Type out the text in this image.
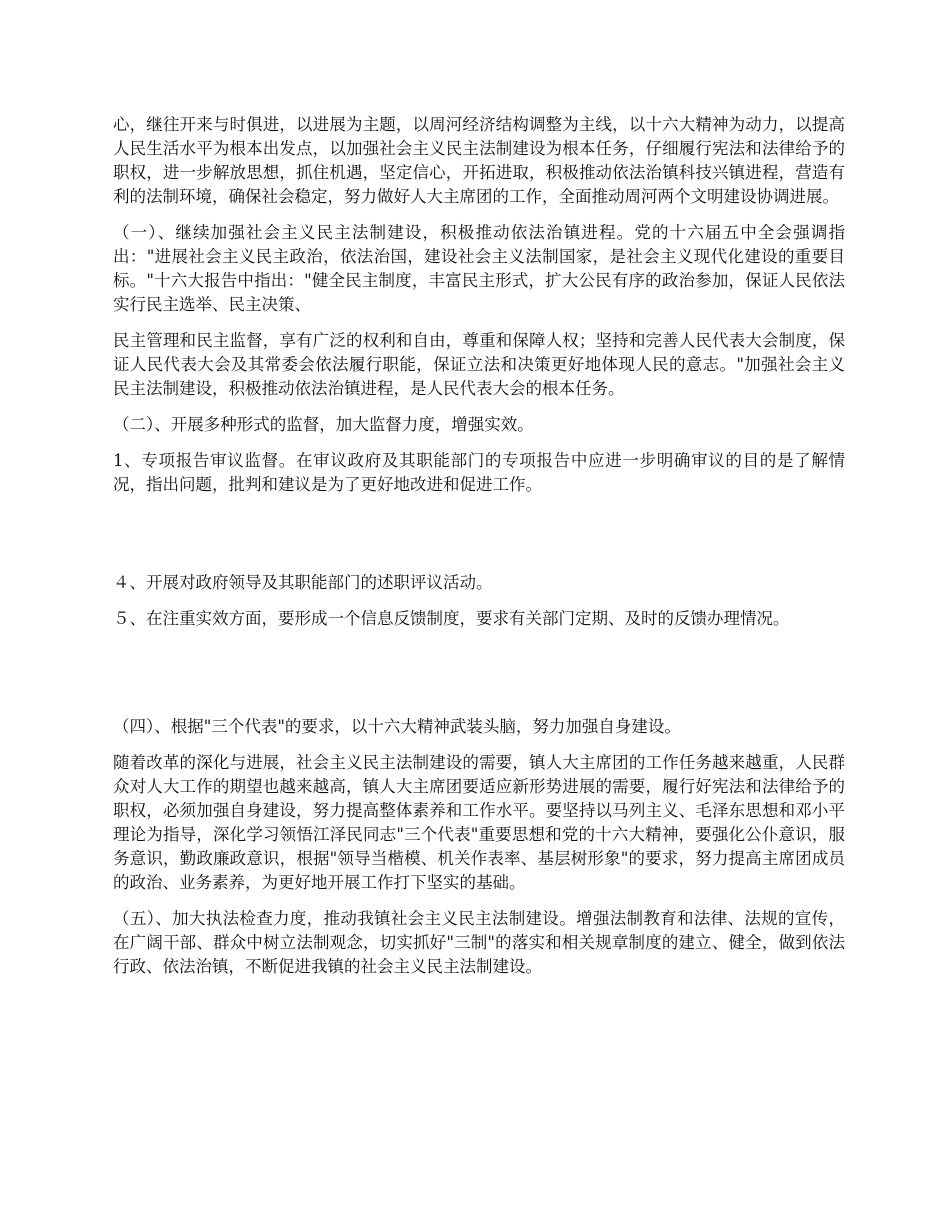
心，继往开来与时俱进，以进展为主题，以周河经济结构调整为主线，以十六大精神为动力，以提高人民生活水平为根本出发点，以加强社会主义民主法制建设为根本任务，仔细履行宪法和法律给予的职权，进一步解放思想，抓住机遇，坚定信心，开拓进取，积极推动依法治镇科技兴镇进程，营造有利的法制环境，确保社会稳定，努力做好人大主席团的工作，全面推动周河两个文明建设协调进展。

（一）、继续加强社会主义民主法制建设，积极推动依法治镇进程。党的十六届五中全会强调指出："进展社会主义民主政治，依法治国，建设社会主义法制国家，是社会主义现代化建设的重要目标。"十六大报告中指出："健全民主制度，丰富民主形式，扩大公民有序的政治参加，保证人民依法实行民主选举、民主决策、

民主管理和民主监督，享有广泛的权利和自由，尊重和保障人权；坚持和完善人民代表大会制度，保证人民代表大会及其常委会依法履行职能，保证立法和决策更好地体现人民的意志。"加强社会主义民主法制建设，积极推动依法治镇进程，是人民代表大会的根本任务。

（二）、开展多种形式的监督，加大监督力度，增强实效。

1、专项报告审议监督。在审议政府及其职能部门的专项报告中应进一步明确审议的目的是了解情况，指出问题，批判和建议是为了更好地改进和促进工作。

４、开展对政府领导及其职能部门的述职评议活动。

５、在注重实效方面，要形成一个信息反馈制度，要求有关部门定期、及时的反馈办理情况。

（四）、根据"三个代表"的要求，以十六大精神武装头脑，努力加强自身建设。

随着改革的深化与进展，社会主义民主法制建设的需要，镇人大主席团的工作任务越来越重，人民群众对人大工作的期望也越来越高，镇人大主席团要适应新形势进展的需要，履行好宪法和法律给予的职权，必须加强自身建设，努力提高整体素养和工作水平。要坚持以马列主义、毛泽东思想和邓小平理论为指导，深化学习领悟江泽民同志"三个代表"重要思想和党的十六大精神，要强化公仆意识，服务意识，勤政廉政意识，根据"领导当楷模、机关作表率、基层树形象"的要求，努力提高主席团成员的政治、业务素养，为更好地开展工作打下坚实的基础。

（五）、加大执法检查力度，推动我镇社会主义民主法制建设。增强法制教育和法律、法规的宣传，在广阔干部、群众中树立法制观念，切实抓好"三制"的落实和相关规章制度的建立、健全，做到依法行政、依法治镇，不断促进我镇的社会主义民主法制建设。
